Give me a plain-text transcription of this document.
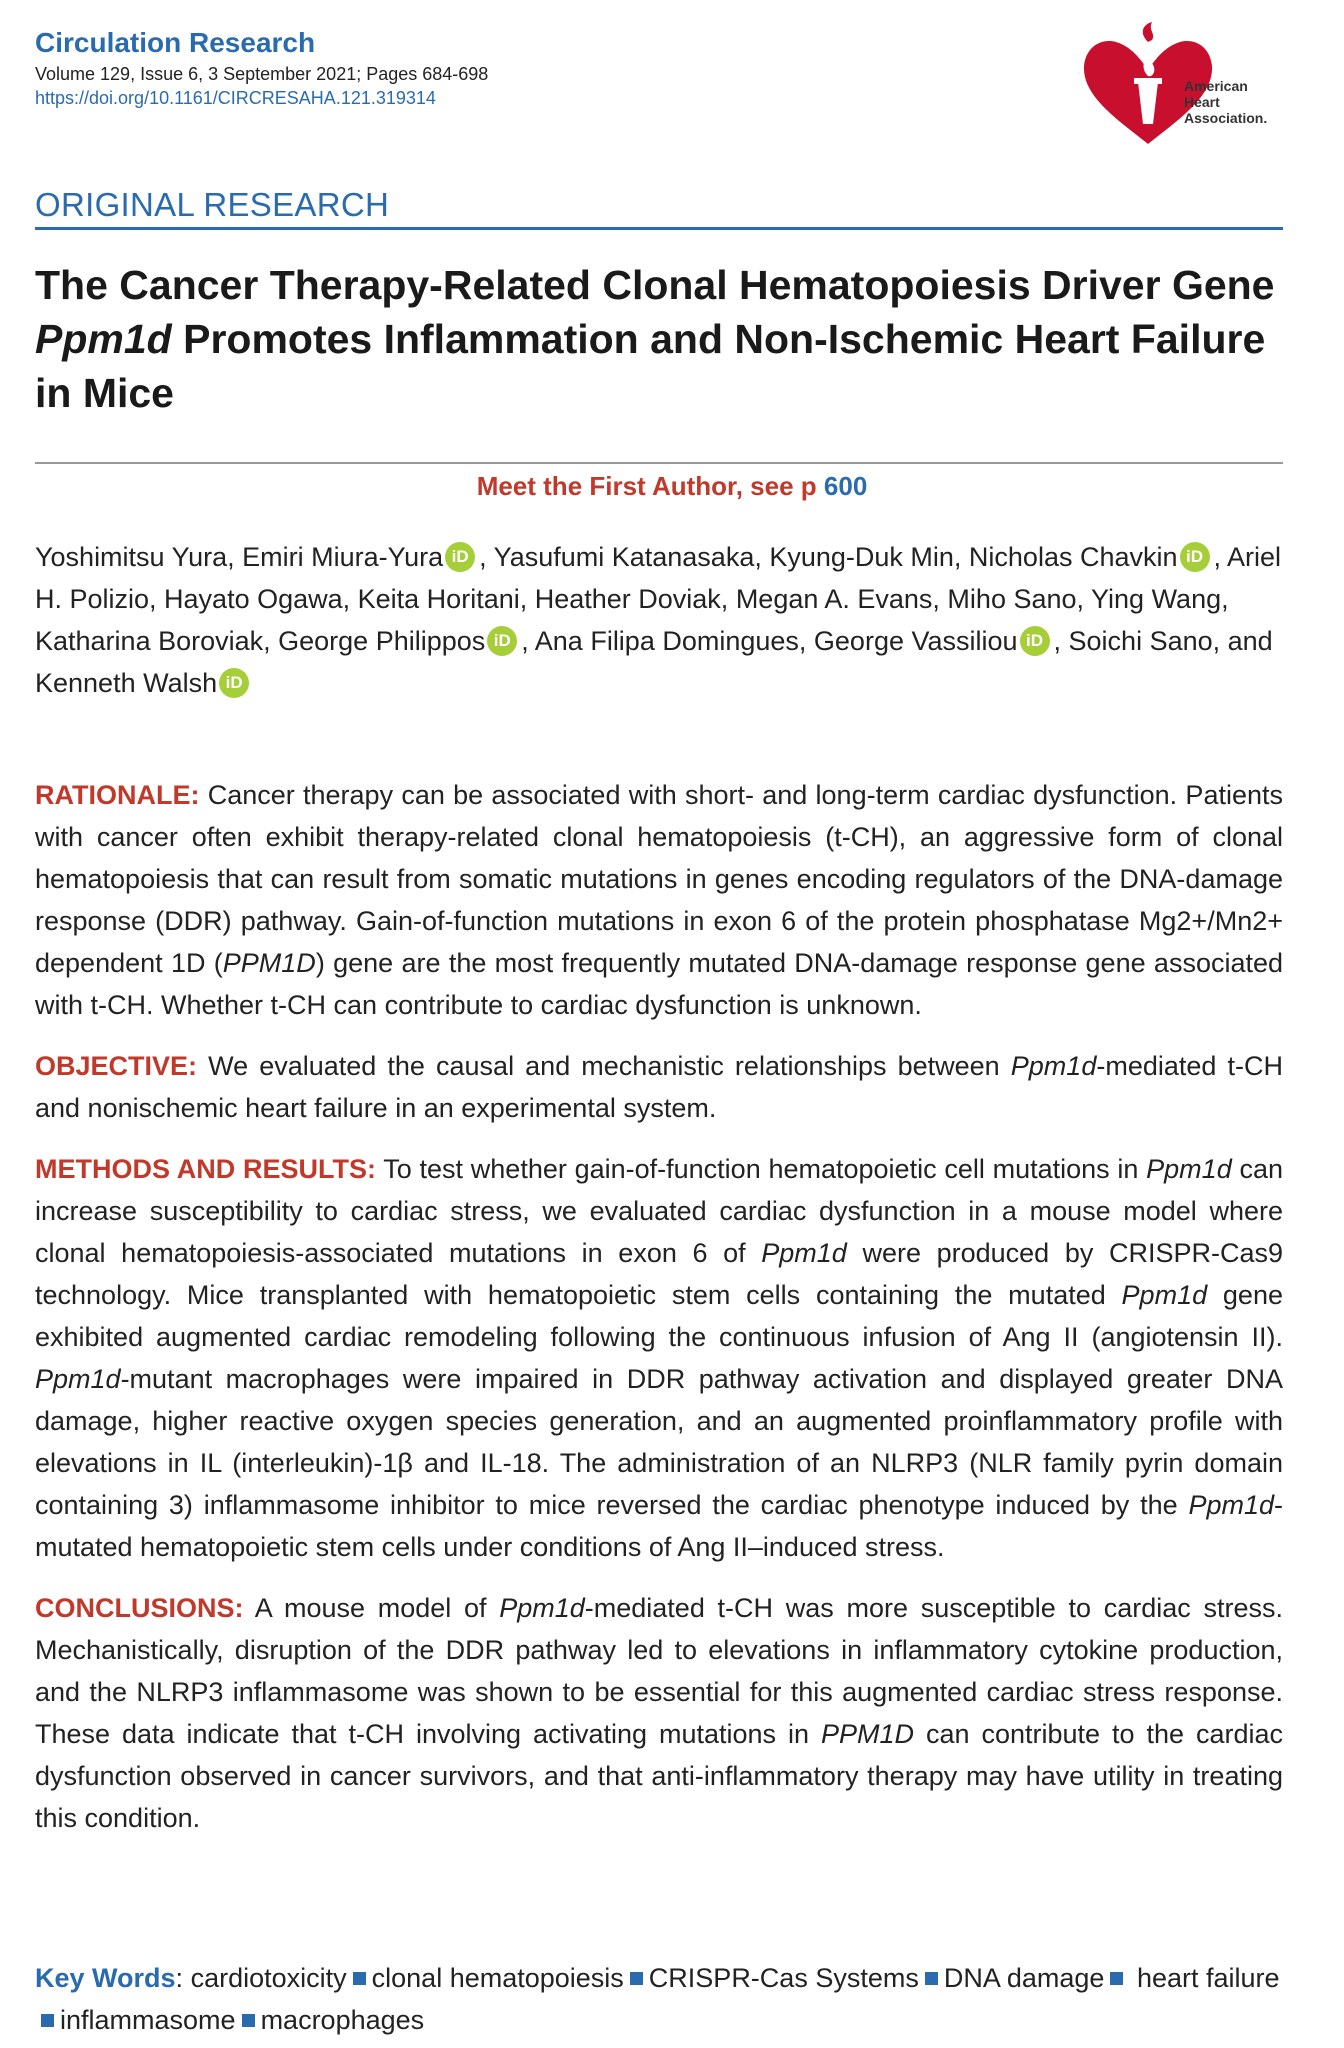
Circulation Research
Volume 129, Issue 6, 3 September 2021; Pages 684-698
https://doi.org/10.1161/CIRCRESAHA.121.319314
American
Heart
Association.
ORIGINAL RESEARCH
The Cancer Therapy-Related Clonal Hematopoiesis Driver Gene Ppm1d Promotes Inflammation and Non-Ischemic Heart Failure in Mice
Meet the First Author, see p 600
Yoshimitsu Yura, Emiri Miura-Yura iD , Yasufumi Katanasaka, Kyung-Duk Min, Nicholas Chavkin iD , Ariel H. Polizio, Hayato Ogawa, Keita Horitani, Heather Doviak, Megan A. Evans, Miho Sano, Ying Wang, Katharina Boroviak, George Philippos iD , Ana Filipa Domingues, George Vassiliou iD , Soichi Sano, and Kenneth Walsh iD

RATIONALE: Cancer therapy can be associated with short- and long-term cardiac dysfunction. Patients with cancer often exhibit therapy-related clonal hematopoiesis (t-CH), an aggressive form of clonal hematopoiesis that can result from somatic mutations in genes encoding regulators of the DNA-damage response (DDR) pathway. Gain-of-function mutations in exon 6 of the protein phosphatase Mg2+/Mn2+ dependent 1D (PPM1D) gene are the most frequently mutated DNA-damage response gene associated with t-CH. Whether t-CH can contribute to cardiac dysfunction is unknown.

OBJECTIVE: We evaluated the causal and mechanistic relationships between Ppm1d-mediated t-CH and nonischemic heart failure in an experimental system.

METHODS AND RESULTS: To test whether gain-of-function hematopoietic cell mutations in Ppm1d can increase susceptibility to cardiac stress, we evaluated cardiac dysfunction in a mouse model where clonal hematopoiesis-associated mutations in exon 6 of Ppm1d were produced by CRISPR-Cas9 technology. Mice transplanted with hematopoietic stem cells containing the mutated Ppm1d gene exhibited augmented cardiac remodeling following the continuous infusion of Ang II (angiotensin II). Ppm1d-mutant macrophages were impaired in DDR pathway activation and displayed greater DNA damage, higher reactive oxygen species generation, and an augmented proinflammatory profile with elevations in IL (interleukin)-1β and IL-18. The administration of an NLRP3 (NLR family pyrin domain containing 3) inflammasome inhibitor to mice reversed the cardiac phenotype induced by the Ppm1d-mutated hematopoietic stem cells under conditions of Ang II–induced stress.

CONCLUSIONS: A mouse model of Ppm1d-mediated t-CH was more susceptible to cardiac stress. Mechanistically, disruption of the DDR pathway led to elevations in inflammatory cytokine production, and the NLRP3 inflammasome was shown to be essential for this augmented cardiac stress response. These data indicate that t-CH involving activating mutations in PPM1D can contribute to the cardiac dysfunction observed in cancer survivors, and that anti-inflammatory therapy may have utility in treating this condition.

Key Words: cardiotoxicity clonal hematopoiesis CRISPR-Cas Systems DNA damage heart failureinflammasome macrophages
